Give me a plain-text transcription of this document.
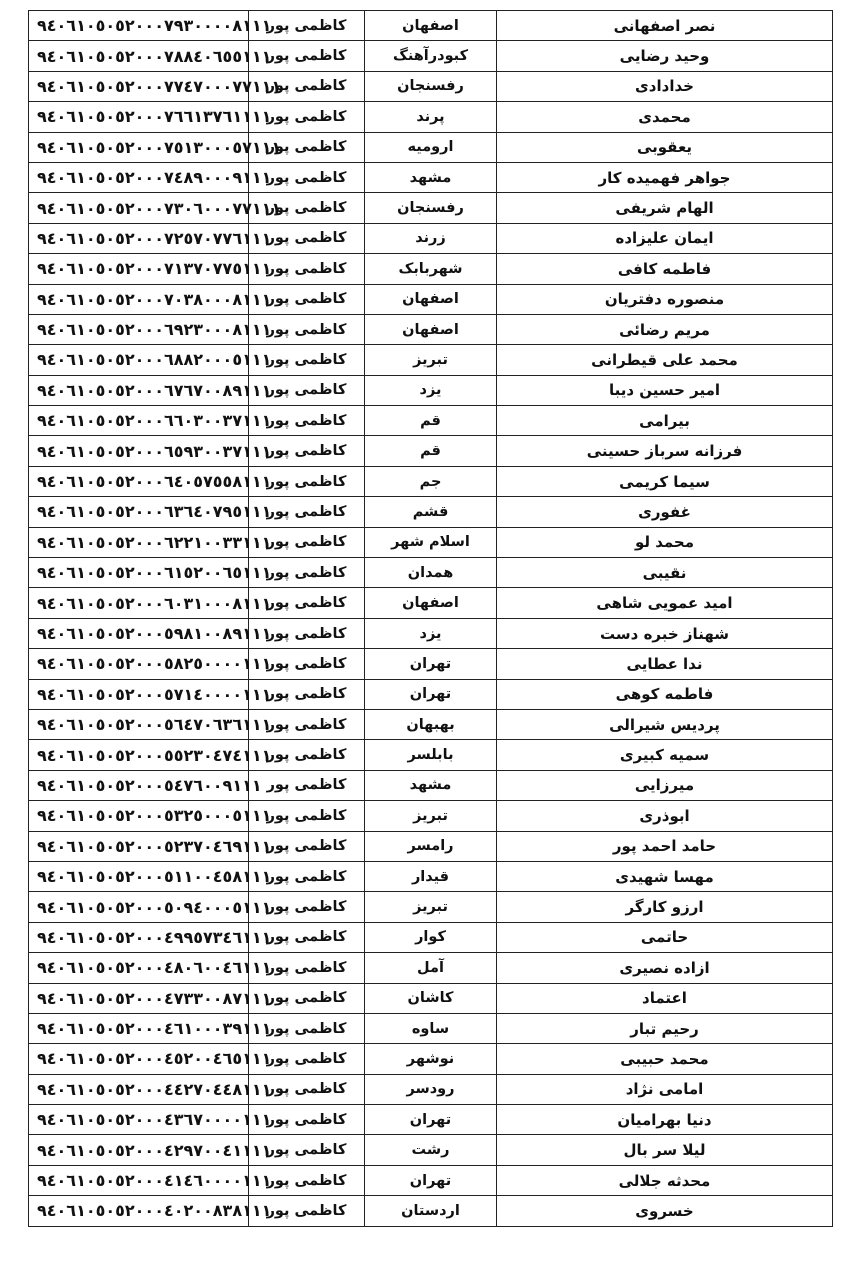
نصر اصفهانی	اصفهان	کاظمی پور	۹٤٠٦١٠٥٠٥٢٠٠٠٧٩٣٠٠٠٠٨١١١
وحید رضایی	کبودرآهنگ	کاظمی پور	۹٤٠٦١٠٥٠٥٢٠٠٠٧٨٨٤٠٦٥٥١١١
خدادادی	رفسنجان	کاظمی پور	۹٤٠٦١٠٥٠٥٢٠٠٠٧٧٤٧٠٠٠٧٧١١١
محمدی	پرند	کاظمی پور	۹٤٠٦١٠٥٠٥٢٠٠٠٧٦٦١٣٧٦١١١١
یعقوبی	ارومیه	کاظمی پور	۹٤٠٦١٠٥٠٥٢٠٠٠٧٥١٣٠٠٠٥٧١١١
جواهر فهمیده کار	مشهد	کاظمی پور	۹٤٠٦١٠٥٠٥٢٠٠٠٧٤٨٩٠٠٠٩١١١
الهام شریفی	رفسنجان	کاظمی پور	۹٤٠٦١٠٥٠٥٢٠٠٠٧٣٠٦٠٠٠٧٧١١١
ایمان علیزاده	زرند	کاظمی پور	۹٤٠٦١٠٥٠٥٢٠٠٠٧٢٥٧٠٧٧٦١١١
فاطمه کافی	شهربابک	کاظمی پور	۹٤٠٦١٠٥٠٥٢٠٠٠٧١٣٧٠٧٧٥١١١
منصوره دفتریان	اصفهان	کاظمی پور	۹٤٠٦١٠٥٠٥٢٠٠٠٧٠٣٨٠٠٠٨١١١
مریم رضائی	اصفهان	کاظمی پور	۹٤٠٦١٠٥٠٥٢٠٠٠٦٩٢٣٠٠٠٨١١١
محمد علی قیطرانی	تبریز	کاظمی پور	۹٤٠٦١٠٥٠٥٢٠٠٠٦٨٨٢٠٠٠٥١١١
امیر حسین دیبا	یزد	کاظمی پور	۹٤٠٦١٠٥٠٥٢٠٠٠٦٧٦٧٠٠٨٩١١١
بیرامی	قم	کاظمی پور	۹٤٠٦١٠٥٠٥٢٠٠٠٦٦٠٣٠٠٣٧١١١
فرزانه سرباز حسینی	قم	کاظمی پور	۹٤٠٦١٠٥٠٥٢٠٠٠٦٥٩٣٠٠٣٧١١١
سیما کریمی	جم	کاظمی پور	۹٤٠٦١٠٥٠٥٢٠٠٠٦٤٠٥٧٥٥٨١١١
غفوری	قشم	کاظمی پور	۹٤٠٦١٠٥٠٥٢٠٠٠٦٣٦٤٠٧٩٥١١١
محمد لو	اسلام شهر	کاظمی پور	۹٤٠٦١٠٥٠٥٢٠٠٠٦٢٢١٠٠٣٣١١١
نقیبی	همدان	کاظمی پور	۹٤٠٦١٠٥٠٥٢٠٠٠٦١٥٢٠٠٦٥١١١
امید عمویی شاهی	اصفهان	کاظمی پور	۹٤٠٦١٠٥٠٥٢٠٠٠٦٠٣١٠٠٠٨١١١
شهناز خبره دست	یزد	کاظمی پور	۹٤٠٦١٠٥٠٥٢٠٠٠٥٩٨١٠٠٨٩١١١
ندا عطایی	تهران	کاظمی پور	۹٤٠٦١٠٥٠٥٢٠٠٠٥٨٢٥٠٠٠٠١١١
فاطمه کوهی	تهران	کاظمی پور	۹٤٠٦١٠٥٠٥٢٠٠٠٥٧١٤٠٠٠٠١١١
پردیس شیرالی	بهبهان	کاظمی پور	۹٤٠٦١٠٥٠٥٢٠٠٠٥٦٤٧٠٦٣٦١١١
سمیه کبیری	بابلسر	کاظمی پور	۹٤٠٦١٠٥٠٥٢٠٠٠٥٥٢٣٠٤٧٤١١١
میرزایی	مشهد	کاظمی پور	۹٤٠٦١٠٥٠٥٢٠٠٠٥٤٧٦٠٠٩١١١
ابوذری	تبریز	کاظمی پور	۹٤٠٦١٠٥٠٥٢٠٠٠٥٣٢٥٠٠٠٥١١١
حامد احمد پور	رامسر	کاظمی پور	۹٤٠٦١٠٥٠٥٢٠٠٠٥٢٣٧٠٤٦٩١١١
مهسا شهیدی	قیدار	کاظمی پور	۹٤٠٦١٠٥٠٥٢٠٠٠٥١١٠٠٤٥٨١١١
ارزو کارگر	تبریز	کاظمی پور	۹٤٠٦١٠٥٠٥٢٠٠٠٥٠٩٤٠٠٠٥١١١
حاتمی	کوار	کاظمی پور	۹٤٠٦١٠٥٠٥٢٠٠٠٤٩٩٥٧٣٤٦١١١
ازاده نصیری	آمل	کاظمی پور	۹٤٠٦١٠٥٠٥٢٠٠٠٤٨٠٦٠٠٤٦١١١
اعتماد	کاشان	کاظمی پور	۹٤٠٦١٠٥٠٥٢٠٠٠٤٧٣٣٠٠٨٧١١١
رحیم تبار	ساوه	کاظمی پور	۹٤٠٦١٠٥٠٥٢٠٠٠٤٦١٠٠٠٣٩١١١
محمد حبیبی	نوشهر	کاظمی پور	۹٤٠٦١٠٥٠٥٢٠٠٠٤٥٢٠٠٤٦٥١١١
امامی نژاد	رودسر	کاظمی پور	۹٤٠٦١٠٥٠٥٢٠٠٠٤٤٢٧٠٤٤٨١١١
دنیا بهرامیان	تهران	کاظمی پور	۹٤٠٦١٠٥٠٥٢٠٠٠٤٣٦٧٠٠٠٠١١١
لیلا سر بال	رشت	کاظمی پور	۹٤٠٦١٠٥٠٥٢٠٠٠٤٢٩٧٠٠٤١١١١
محدثه جلالی	تهران	کاظمی پور	۹٤٠٦١٠٥٠٥٢٠٠٠٤١٤٦٠٠٠٠١١١
خسروی	اردستان	کاظمی پور	۹٤٠٦١٠٥٠٥٢٠٠٠٤٠٢٠٠٨٣٨١١١
